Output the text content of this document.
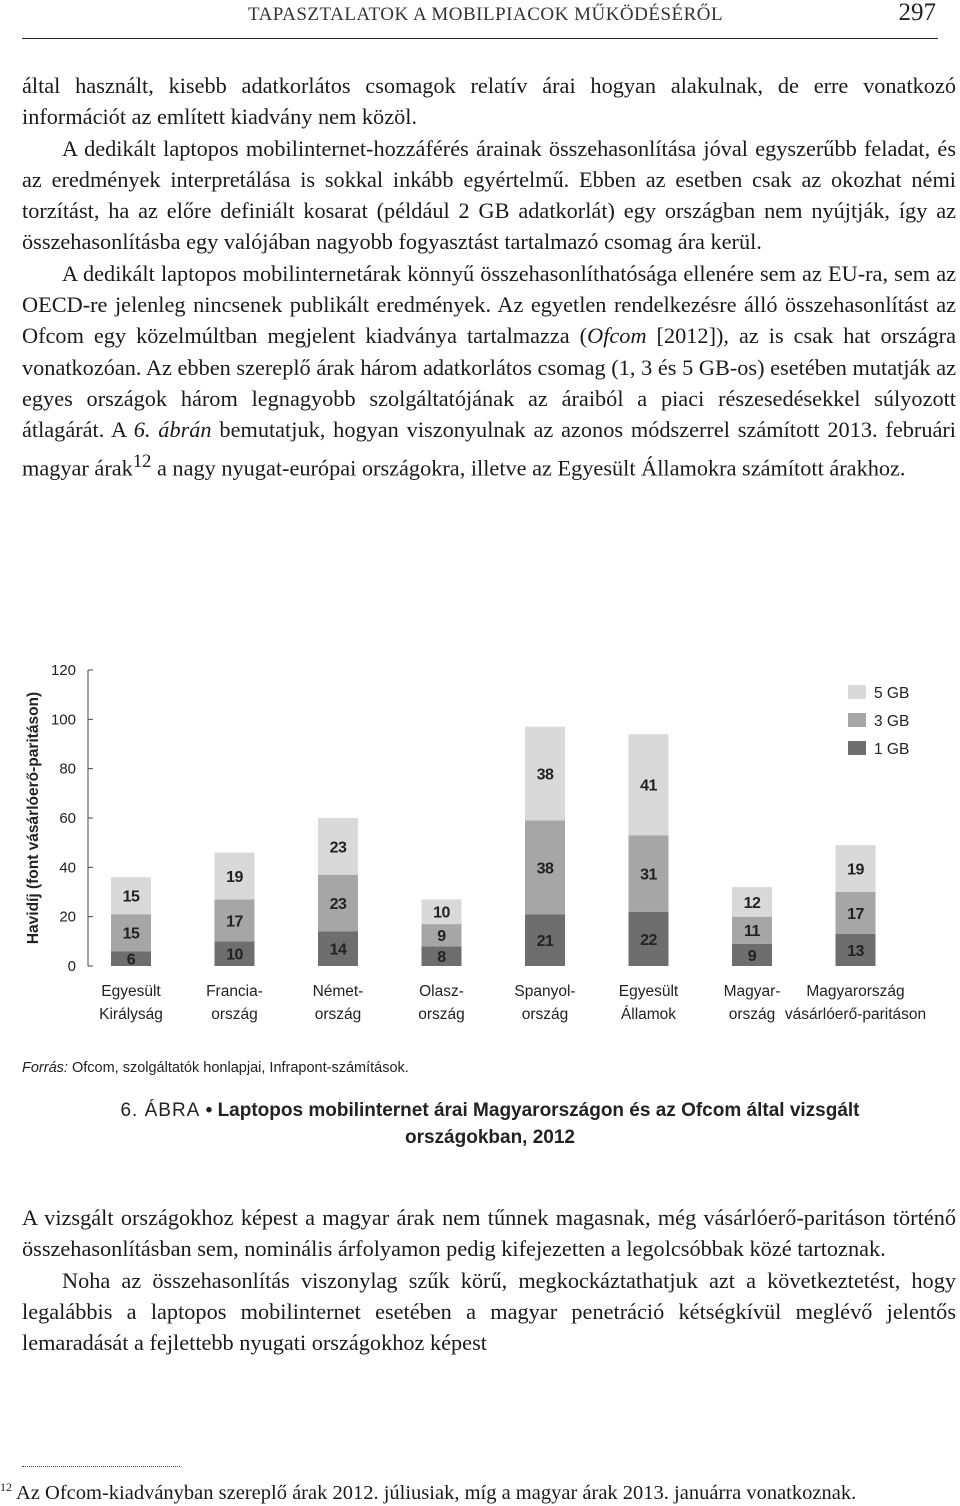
TAPASZTALATOK A MOBILPIACOK MŰKÖDÉSÉRŐL	297

által használt, kisebb adatkorlátos csomagok relatív árai hogyan alakulnak, de erre vonatkozó információt az említett kiadvány nem közöl.

A dedikált laptopos mobilinternet-hozzáférés árainak összehasonlítása jóval egyszerűbb feladat, és az eredmények interpretálása is sokkal inkább egyértelmű. Ebben az esetben csak az okozhat némi torzítást, ha az előre definiált kosarat (például 2 GB adatkorlát) egy országban nem nyújtják, így az összehasonlításba egy valójában nagyobb fogyasztást tartalmazó csomag ára kerül.

A dedikált laptopos mobilinternetárak könnyű összehasonlíthatósága ellenére sem az EU-ra, sem az OECD-re jelenleg nincsenek publikált eredmények. Az egyetlen rendelkezésre álló összehasonlítást az Ofcom egy közelmúltban megjelent kiadványa tartalmazza (Ofcom [2012]), az is csak hat országra vonatkozóan. Az ebben szereplő árak három adatkorlátos csomag (1, 3 és 5 GB-os) esetében mutatják az egyes országok három legnagyobb szolgáltatójának az áraiból a piaci részesedésekkel súlyozott átlagárát. A 6. ábrán bemutatjuk, hogyan viszonyulnak az azonos módszerrel számított 2013. februári magyar árak$^{12}$ a nagy nyugat-európai országokra, illetve az Egyesült Államokra számított árakhoz.

0
20
40
60
80
100
120
Havidíj (font vásárlóerő-paritáson)
6
15
15
Egyesült
Királyság
10
17
19
Francia-
ország
14
23
23
Német-
ország
8
9
10
Olasz-
ország
21
38
38
Spanyol-
ország
22
31
41
Egyesült
Államok
9
11
12
Magyar-
ország
13
17
19
Magyarország
vásárlóerő-paritáson
5 GB
3 GB
1 GB
Forrás: Ofcom, szolgáltatók honlapjai, Infrapont-számítások.
6. ÁBRA • Laptopos mobilinternet árai Magyarországon és az Ofcom által vizsgált
országokban, 2012

A vizsgált országokhoz képest a magyar árak nem tűnnek magasnak, még vásárlóerő-paritáson történő összehasonlításban sem, nominális árfolyamon pedig kifejezetten a legolcsóbbak közé tartoznak.

Noha az összehasonlítás viszonylag szűk körű, megkockáztathatjuk azt a következtetést, hogy legalábbis a laptopos mobilinternet esetében a magyar penetráció kétségkívül meglévő jelentős lemaradását a fejlettebb nyugati országokhoz képest

$^{12}$ Az Ofcom-kiadványban szereplő árak 2012. júliusiak, míg a magyar árak 2013. januárra vonatkoznak.
